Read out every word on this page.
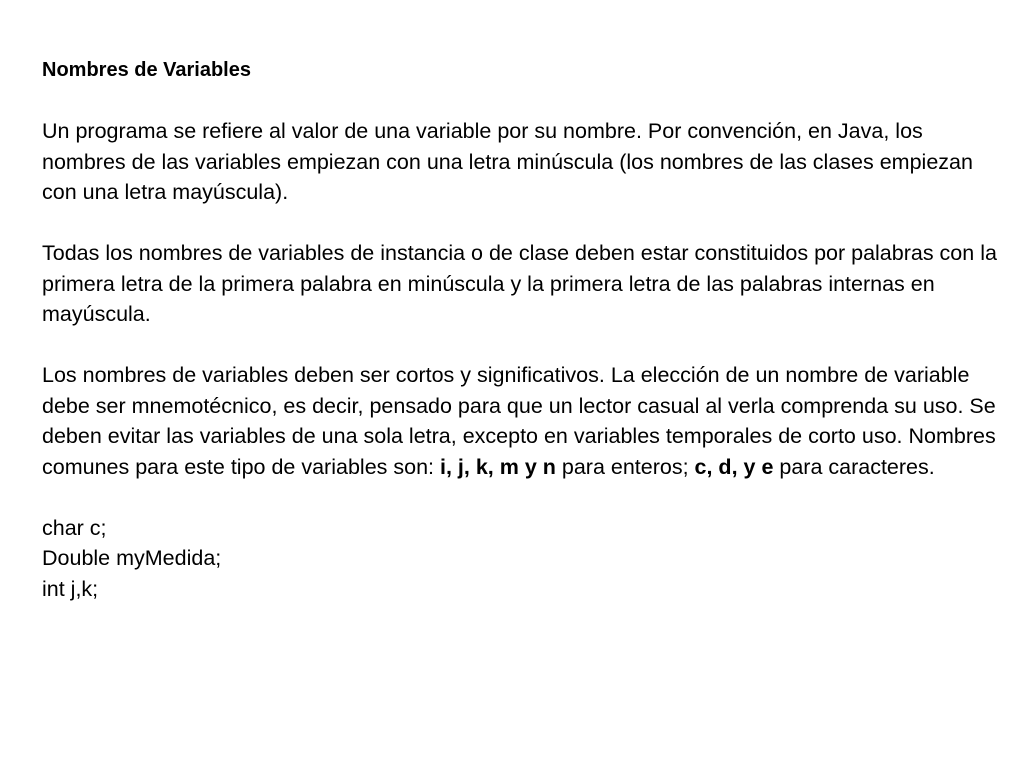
Nombres de Variables

Un programa se refiere al valor de una variable por su nombre. Por convención, en Java, los nombres de las variables empiezan con una letra minúscula (los nombres de las clases empiezan con una letra mayúscula).

Todas los nombres de variables de instancia o de clase deben estar constituidos por palabras con la primera letra de la primera palabra en minúscula y la primera letra de las palabras internas en mayúscula.

Los nombres de variables deben ser cortos y significativos. La elección de un nombre de variable debe ser mnemotécnico, es decir, pensado para que un lector casual al verla comprenda su uso. Se deben evitar las variables de una sola letra, excepto en variables temporales de corto uso. Nombres comunes para este tipo de variables son: i, j, k, m y n para enteros; c, d, y e para caracteres.

char c;
Double myMedida;
int j,k;
